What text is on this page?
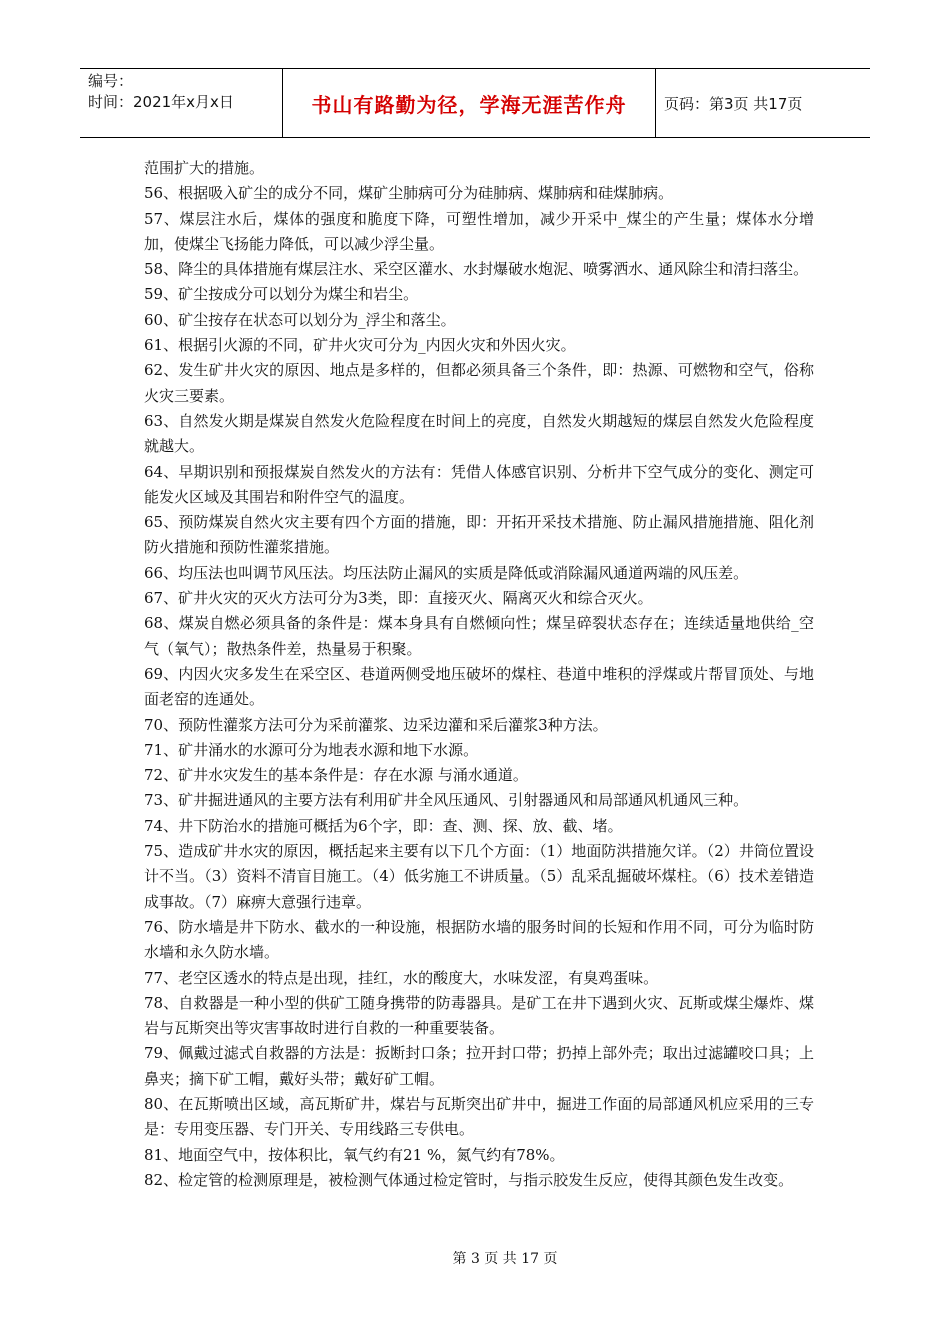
编号：
时间：2021年x月x日	书山有路勤为径，学海无涯苦作舟	页码：第3页 共17页

范围扩大的措施。

56、根据吸入矿尘的成分不同，煤矿尘肺病可分为硅肺病、煤肺病和硅煤肺病。

57、煤层注水后，煤体的强度和脆度下降，可塑性增加，减少开采中_煤尘的产生量；煤体水分增加，使煤尘飞扬能力降低，可以减少浮尘量。

58、降尘的具体措施有煤层注水、采空区灌水、水封爆破水炮泥、喷雾洒水、通风除尘和清扫落尘。

59、矿尘按成分可以划分为煤尘和岩尘。

60、矿尘按存在状态可以划分为_浮尘和落尘。

61、根据引火源的不同，矿井火灾可分为_内因火灾和外因火灾。

62、发生矿井火灾的原因、地点是多样的，但都必须具备三个条件，即：热源、可燃物和空气，俗称火灾三要素。

63、自然发火期是煤炭自然发火危险程度在时间上的亮度，自然发火期越短的煤层自然发火危险程度就越大。

64、早期识别和预报煤炭自然发火的方法有：凭借人体感官识别、分析井下空气成分的变化、测定可能发火区域及其围岩和附件空气的温度。

65、预防煤炭自然火灾主要有四个方面的措施，即：开拓开采技术措施、防止漏风措施措施、阻化剂防火措施和预防性灌浆措施。

66、均压法也叫调节风压法。均压法防止漏风的实质是降低或消除漏风通道两端的风压差。

67、矿井火灾的灭火方法可分为3类，即：直接灭火、隔离灭火和综合灭火。

68、煤炭自燃必须具备的条件是：煤本身具有自燃倾向性；煤呈碎裂状态存在；连续适量地供给_空气（氧气）；散热条件差，热量易于积聚。

69、内因火灾多发生在采空区、巷道两侧受地压破坏的煤柱、巷道中堆积的浮煤或片帮冒顶处、与地面老窑的连通处。

70、预防性灌浆方法可分为采前灌浆、边采边灌和采后灌浆3种方法。

71、矿井涌水的水源可分为地表水源和地下水源。

72、矿井水灾发生的基本条件是：存在水源 与涌水通道。

73、矿井掘进通风的主要方法有利用矿井全风压通风、引射器通风和局部通风机通风三种。

74、井下防治水的措施可概括为6个字，即：查、测、探、放、截、堵。

75、造成矿井水灾的原因，概括起来主要有以下几个方面：（1）地面防洪措施欠详。（2）井筒位置设计不当。（3）资料不清盲目施工。（4）低劣施工不讲质量。（5）乱采乱掘破坏煤柱。（6）技术差错造成事故。（7）麻痹大意强行违章。

76、防水墙是井下防水、截水的一种设施，根据防水墙的服务时间的长短和作用不同，可分为临时防水墙和永久防水墙。

77、老空区透水的特点是出现，挂红，水的酸度大，水味发涩，有臭鸡蛋味。

78、自救器是一种小型的供矿工随身携带的防毒器具。是矿工在井下遇到火灾、瓦斯或煤尘爆炸、煤岩与瓦斯突出等灾害事故时进行自救的一种重要装备。

79、佩戴过滤式自救器的方法是：扳断封口条；拉开封口带；扔掉上部外壳；取出过滤罐咬口具；上鼻夹；摘下矿工帽，戴好头带；戴好矿工帽。

80、在瓦斯喷出区域，高瓦斯矿井，煤岩与瓦斯突出矿井中，掘进工作面的局部通风机应采用的三专是：专用变压器、专门开关、专用线路三专供电。

81、地面空气中，按体积比，氧气约有21 %，氮气约有78%。

82、检定管的检测原理是，被检测气体通过检定管时，与指示胶发生反应，使得其颜色发生改变。

第 3 页 共 17 页
